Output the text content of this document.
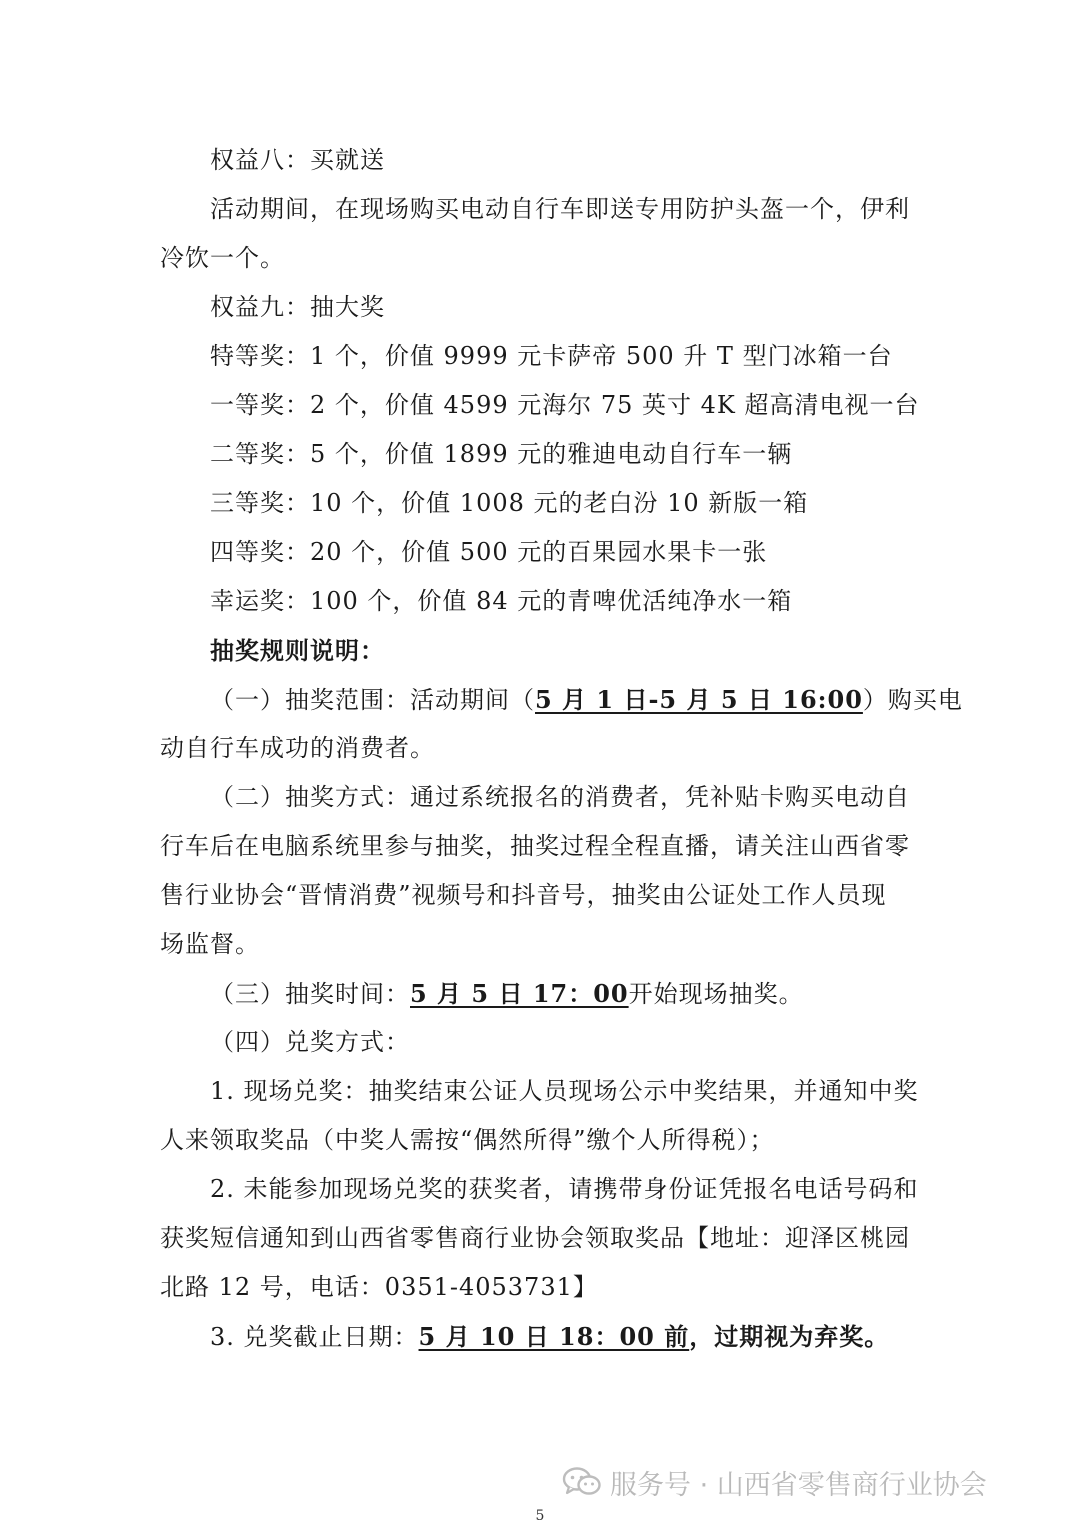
权益八：买就送
活动期间，在现场购买电动自行车即送专用防护头盔一个，伊利
冷饮一个。
权益九：抽大奖
特等奖：1 个，价值 9999 元卡萨帝 500 升 T 型门冰箱一台
一等奖：2 个，价值 4599 元海尔 75 英寸 4K 超高清电视一台
二等奖：5 个，价值 1899 元的雅迪电动自行车一辆
三等奖：10 个，价值 1008 元的老白汾 10 新版一箱
四等奖：20 个，价值 500 元的百果园水果卡一张
幸运奖：100 个，价值 84 元的青啤优活纯净水一箱
抽奖规则说明：
（一）抽奖范围：活动期间（5 月 1 日-5 月 5 日 16:00）购买电
动自行车成功的消费者。
（二）抽奖方式：通过系统报名的消费者，凭补贴卡购买电动自
行车后在电脑系统里参与抽奖，抽奖过程全程直播，请关注山西省零
售行业协会“晋情消费”视频号和抖音号，抽奖由公证处工作人员现
场监督。
（三）抽奖时间：5 月 5 日 17：00开始现场抽奖。
（四）兑奖方式：
1. 现场兑奖：抽奖结束公证人员现场公示中奖结果，并通知中奖
人来领取奖品（中奖人需按“偶然所得”缴个人所得税）；
2. 未能参加现场兑奖的获奖者，请携带身份证凭报名电话号码和
获奖短信通知到山西省零售商行业协会领取奖品【地址：迎泽区桃园
北路 12 号，电话：0351-4053731】
3. 兑奖截止日期：5 月 10 日 18：00 前，过期视为弃奖。
服务号 · 山西省零售商行业协会
5
